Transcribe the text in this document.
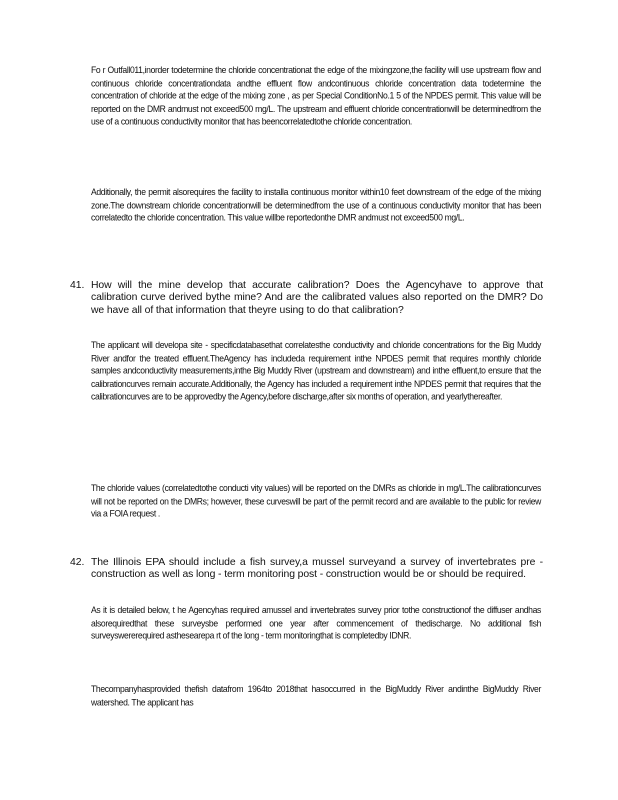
Fo r Outfall011,inorder todetermine the chloride concentrationat the edge of the mixingzone,the facility will use upstream flow and continuous chloride concentrationdata andthe effluent flow andcontinuous chloride concentration data todetermine the concentration of chloride at the edge of the mixing zone , as per Special ConditionNo.1 5 of the NPDES permit. This value will be reported on the DMR andmust not exceed500 mg/L. The upstream and effluent chloride concentrationwill be determinedfrom the use of a continuous conductivity monitor that has beencorrelatedtothe chloride concentration.

Additionally, the permit alsorequires the facility to installa continuous monitor within10 feet downstream of the edge of the mixing zone.The downstream chloride concentrationwill be determinedfrom the use of a continuous conductivity monitor that has been correlatedto the chloride concentration. This value willbe reportedonthe DMR andmust not exceed500 mg/L.

41. How will the mine develop that accurate calibration? Does the Agencyhave to approve that calibration curve derived bythe mine? And are the calibrated values also reported on the DMR? Do we have all of that information that theyre using to do that calibration?

The applicant will developa site - specificdatabasethat correlatesthe conductivity and chloride concentrations for the Big Muddy River andfor the treated effluent.TheAgency has includeda requirement inthe NPDES permit that requires monthly chloride samples andconductivity measurements,inthe Big Muddy River (upstream and downstream) and inthe effluent,to ensure that the calibrationcurves remain accurate.Additionally, the Agency has included a requirement inthe NPDES permit that requires that the calibrationcurves are to be approvedby the Agency,before discharge,after six months of operation, and yearlythereafter.

The chloride values (correlatedtothe conducti vity values) will be reported on the DMRs as chloride in mg/L.The calibrationcurves will not be reported on the DMRs; however, these curveswill be part of the permit record and are available to the public for review via a FOIA request .

42. The Illinois EPA should include a fish survey,a mussel surveyand a survey of invertebrates pre - construction as well as long - term monitoring post - construction would be or should be required.

As it is detailed below, t he Agencyhas required amussel and invertebrates survey prior tothe constructionof the diffuser andhas alsorequiredthat these surveysbe performed one year after commencement of thedischarge. No additional fish surveyswererequired asthesearepa rt of the long - term monitoringthat is completedby IDNR.

Thecompanyhasprovided thefish datafrom 1964to 2018that hasoccurred in the BigMuddy River andinthe BigMuddy River watershed. The applicant has
